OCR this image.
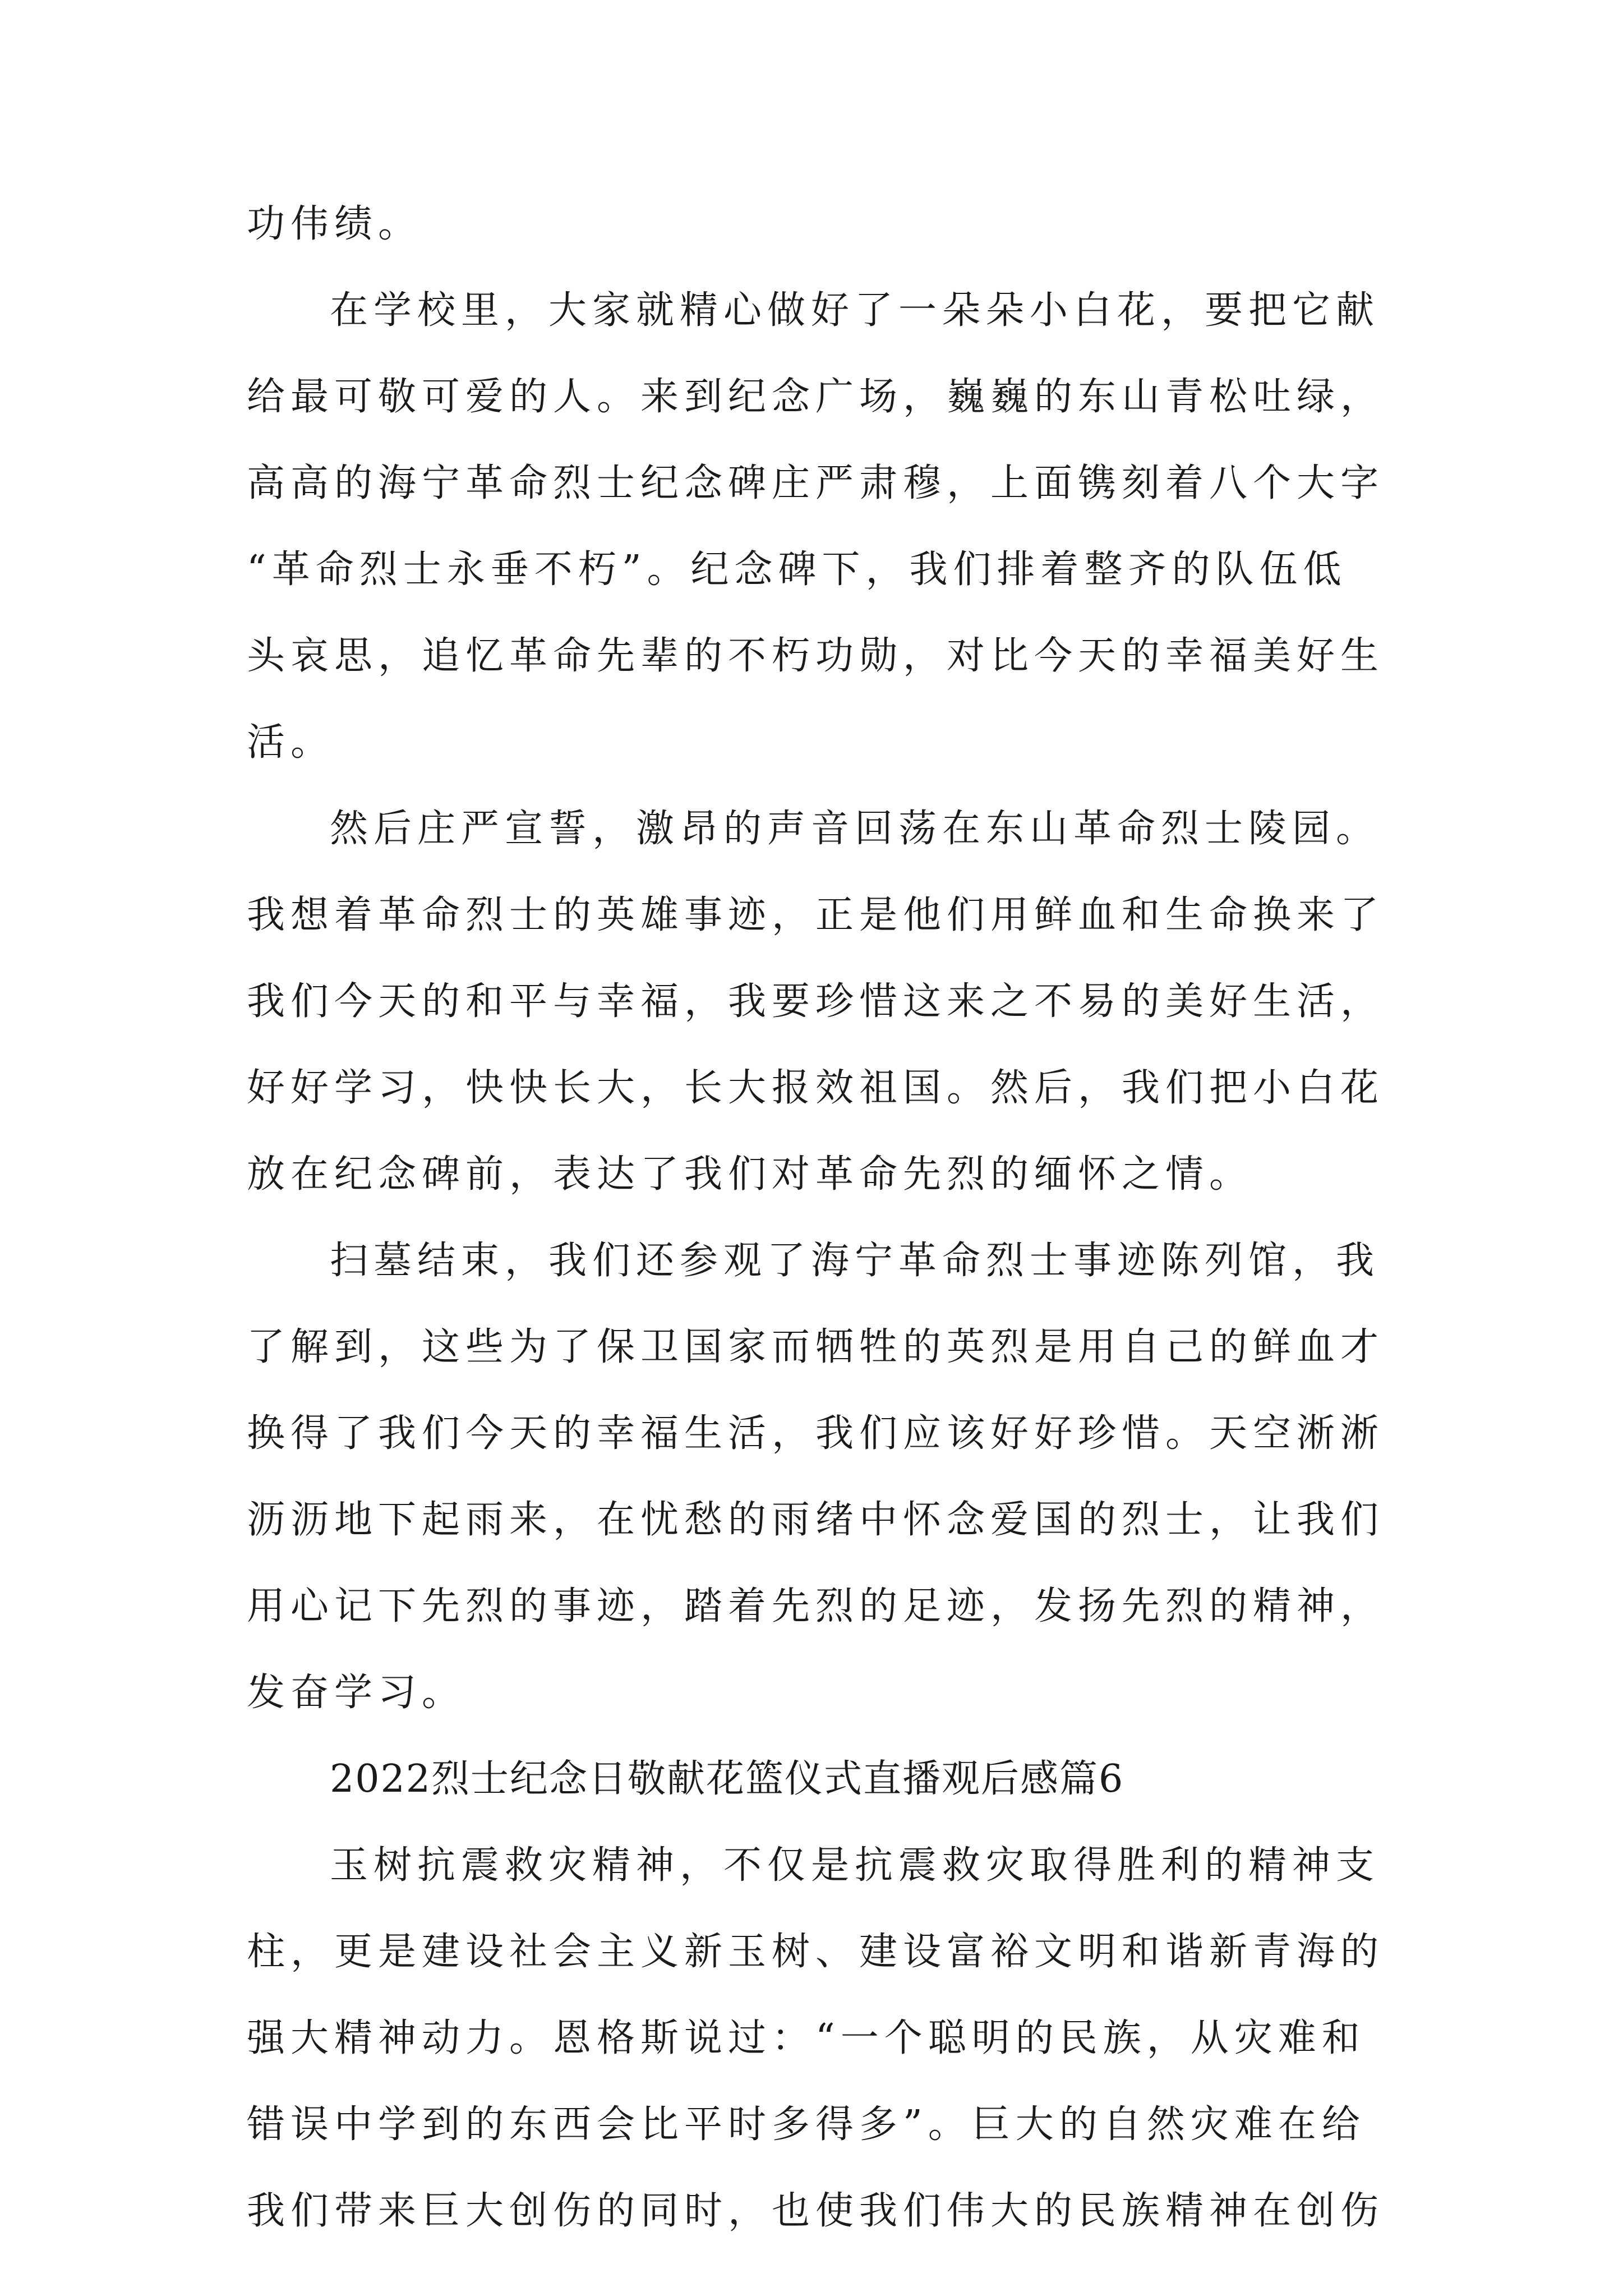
功伟绩。
在学校里，大家就精心做好了一朵朵小白花，要把它献
给最可敬可爱的人。来到纪念广场，巍巍的东山青松吐绿，
高高的海宁革命烈士纪念碑庄严肃穆，上面镌刻着八个大字
“革命烈士永垂不朽”。纪念碑下，我们排着整齐的队伍低
头哀思，追忆革命先辈的不朽功勋，对比今天的幸福美好生
活。
然后庄严宣誓，激昂的声音回荡在东山革命烈士陵园。
我想着革命烈士的英雄事迹，正是他们用鲜血和生命换来了
我们今天的和平与幸福，我要珍惜这来之不易的美好生活，
好好学习，快快长大，长大报效祖国。然后，我们把小白花
放在纪念碑前，表达了我们对革命先烈的缅怀之情。
扫墓结束，我们还参观了海宁革命烈士事迹陈列馆，我
了解到，这些为了保卫国家而牺牲的英烈是用自己的鲜血才
换得了我们今天的幸福生活，我们应该好好珍惜。天空淅淅
沥沥地下起雨来，在忧愁的雨绪中怀念爱国的烈士，让我们
用心记下先烈的事迹，踏着先烈的足迹，发扬先烈的精神，
发奋学习。
2022烈士纪念日敬献花篮仪式直播观后感篇6
玉树抗震救灾精神，不仅是抗震救灾取得胜利的精神支
柱，更是建设社会主义新玉树、建设富裕文明和谐新青海的
强大精神动力。恩格斯说过：“一个聪明的民族，从灾难和
错误中学到的东西会比平时多得多”。巨大的自然灾难在给
我们带来巨大创伤的同时，也使我们伟大的民族精神在创伤
